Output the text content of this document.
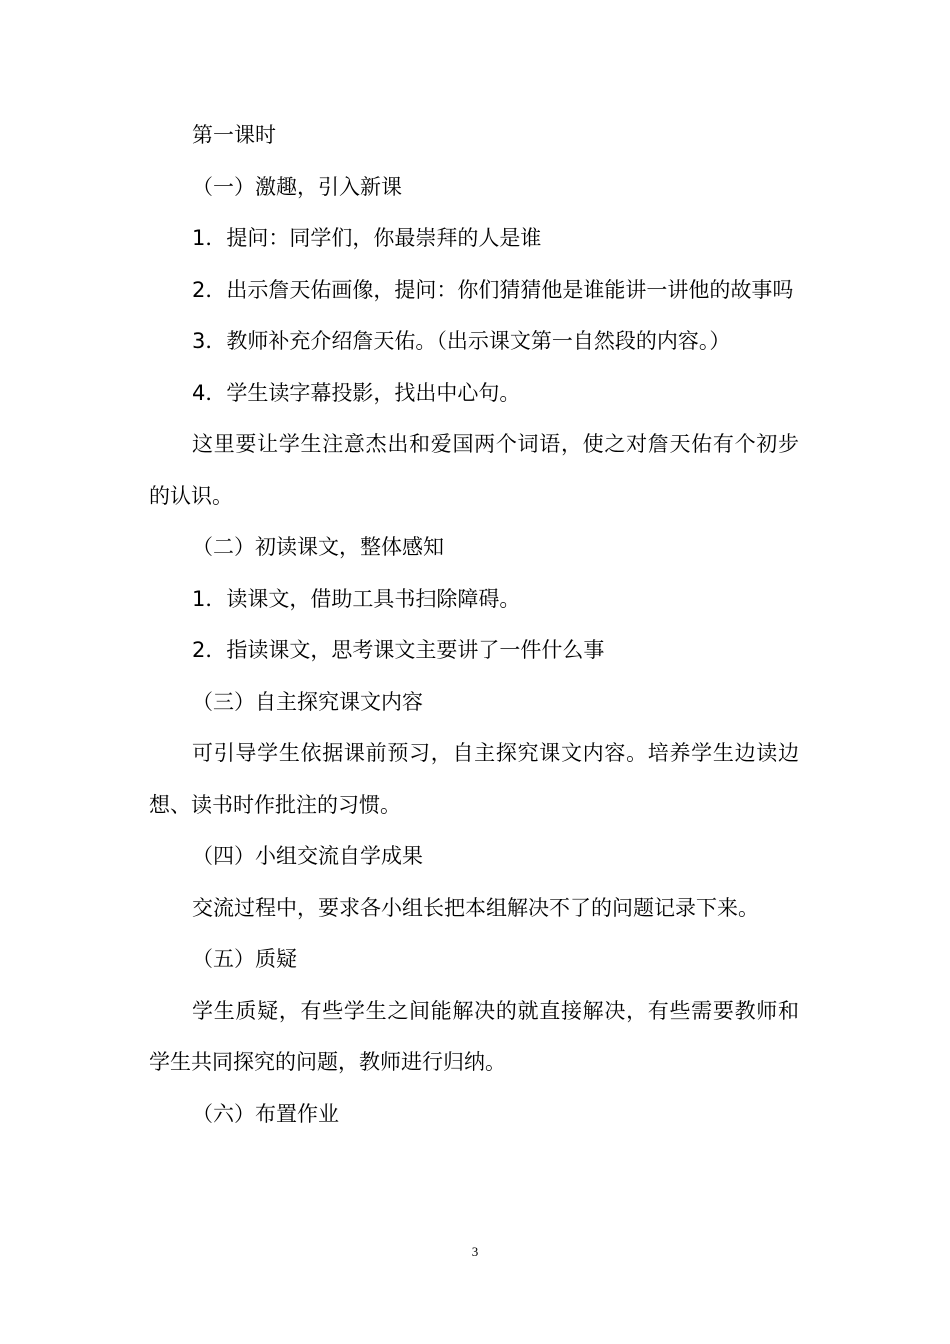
第一课时

（一）激趣，引入新课

1．提问：同学们，你最崇拜的人是谁

2．出示詹天佑画像，提问：你们猜猜他是谁能讲一讲他的故事吗

3．教师补充介绍詹天佑。（出示课文第一自然段的内容。）

4．学生读字幕投影，找出中心句。

这里要让学生注意杰出和爱国两个词语，使之对詹天佑有个初步的认识。

（二）初读课文，整体感知

1．读课文，借助工具书扫除障碍。

2．指读课文，思考课文主要讲了一件什么事

（三）自主探究课文内容

可引导学生依据课前预习，自主探究课文内容。培养学生边读边想、读书时作批注的习惯。

（四）小组交流自学成果

交流过程中，要求各小组长把本组解决不了的问题记录下来。

（五）质疑

学生质疑，有些学生之间能解决的就直接解决，有些需要教师和学生共同探究的问题，教师进行归纳。

（六）布置作业

3
